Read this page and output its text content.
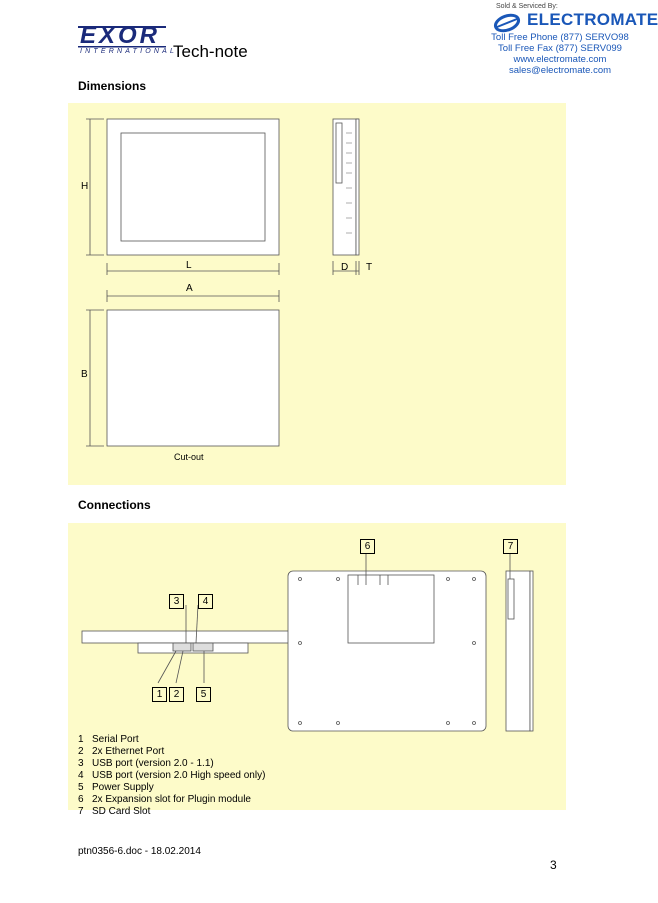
EXOR
INTERNATIONAL
Tech-note
Sold & Serviced By:
ELECTROMATE
Toll Free Phone (877) SERVO98
Toll Free Fax (877) SERV099
www.electromate.com
sales@electromate.com
Dimensions
H
L	D T
A
B
Cut-out
Connections
6	7
3	4
1	2	5
1 Serial Port
2 2x Ethernet Port
3 USB port (version 2.0 - 1.1)
4 USB port (version 2.0 High speed only)
5 Power Supply
6 2x Expansion slot for Plugin module
7 SD Card Slot
ptn0356-6.doc - 18.02.2014
3
